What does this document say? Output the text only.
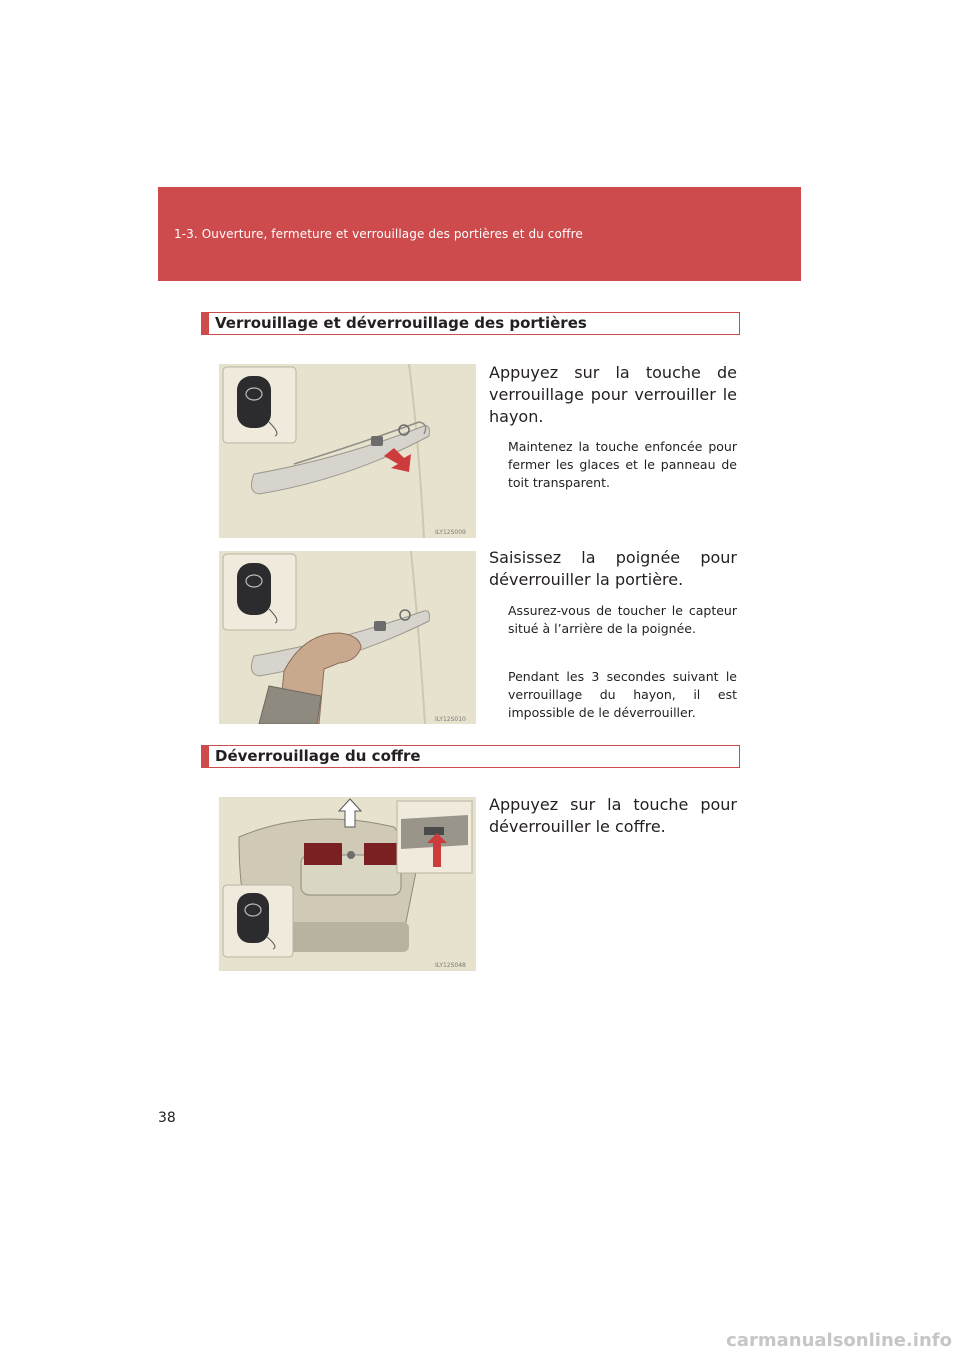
1-3. Ouverture, fermeture et verrouillage des portières et du coffre
Verrouillage et déverrouillage des portières
ILY12S009
Appuyez sur la touche de verrouillage pour verrouiller le hayon.
Maintenez la touche enfoncée pour fermer les glaces et le panneau de toit transparent.
ILY12S010
Saisissez la poignée pour déverrouiller la portière.
Assurez-vous de toucher le capteur situé à l’arrière de la poignée.
Pendant les 3 secondes suivant le verrouillage du hayon, il est impossible de le déverrouiller.
Déverrouillage du coffre
ILY12S048
Appuyez sur la touche pour déverrouiller le coffre.
38
carmanualsonline.info
